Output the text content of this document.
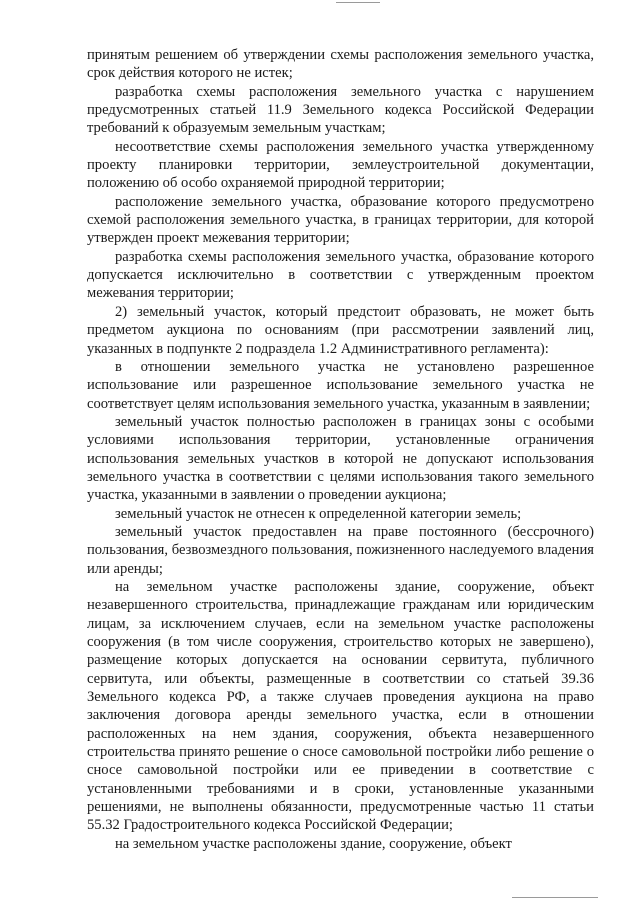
принятым решением об утверждении схемы расположения земельного участка, срок действия которого не истек;

разработка схемы расположения земельного участка с нарушением предусмотренных статьей 11.9 Земельного кодекса Российской Федерации требований к образуемым земельным участкам;

несоответствие схемы расположения земельного участка утвержденному проекту планировки территории, землеустроительной документации, положению об особо охраняемой природной территории;

расположение земельного участка, образование которого предусмотрено схемой расположения земельного участка, в границах территории, для которой утвержден проект межевания территории;

разработка схемы расположения земельного участка, образование которого допускается исключительно в соответствии с утвержденным проектом межевания территории;

2) земельный участок, который предстоит образовать, не может быть предметом аукциона по основаниям (при рассмотрении заявлений лиц, указанных в подпункте 2 подраздела 1.2 Административного регламента):

в отношении земельного участка не установлено разрешенное использование или разрешенное использование земельного участка не соответствует целям использования земельного участка, указанным в заявлении;

земельный участок полностью расположен в границах зоны с особыми условиями использования территории, установленные ограничения использования земельных участков в которой не допускают использования земельного участка в соответствии с целями использования такого земельного участка, указанными в заявлении о проведении аукциона;

земельный участок не отнесен к определенной категории земель;

земельный участок предоставлен на праве постоянного (бессрочного) пользования, безвозмездного пользования, пожизненного наследуемого владения или аренды;

на земельном участке расположены здание, сооружение, объект незавершенного строительства, принадлежащие гражданам или юридическим лицам, за исключением случаев, если на земельном участке расположены сооружения (в том числе сооружения, строительство которых не завершено), размещение которых допускается на основании сервитута, публичного сервитута, или объекты, размещенные в соответствии со статьей 39.36 Земельного кодекса РФ, а также случаев проведения аукциона на право заключения договора аренды земельного участка, если в отношении расположенных на нем здания, сооружения, объекта незавершенного строительства принято решение о сносе самовольной постройки либо решение о сносе самовольной постройки или ее приведении в соответствие с установленными требованиями и в сроки, установленные указанными решениями, не выполнены обязанности, предусмотренные частью 11 статьи 55.32 Градостроительного кодекса Российской Федерации;

на земельном участке расположены здание, сооружение, объект
